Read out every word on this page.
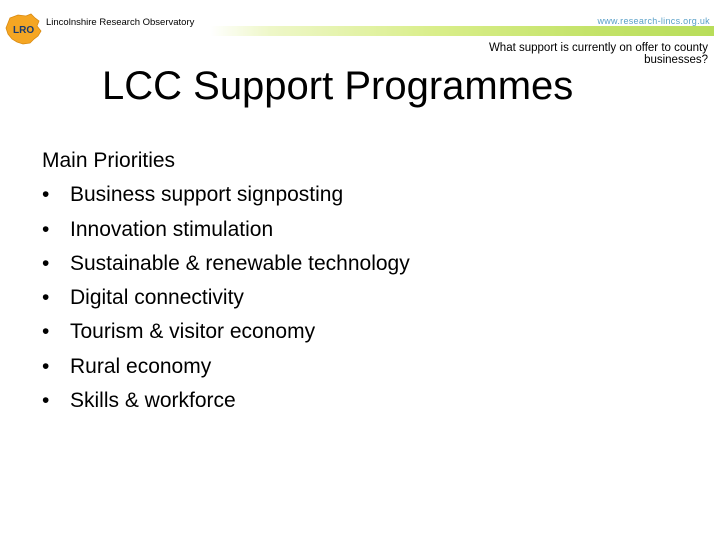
LRO
Lincolnshire Research Observatory	www.research-lincs.org.uk
What support is currently on offer to county businesses?
LCC Support Programmes
Main Priorities
• Business support signposting
• Innovation stimulation
• Sustainable & renewable technology
• Digital connectivity
• Tourism & visitor economy
• Rural economy
• Skills & workforce
